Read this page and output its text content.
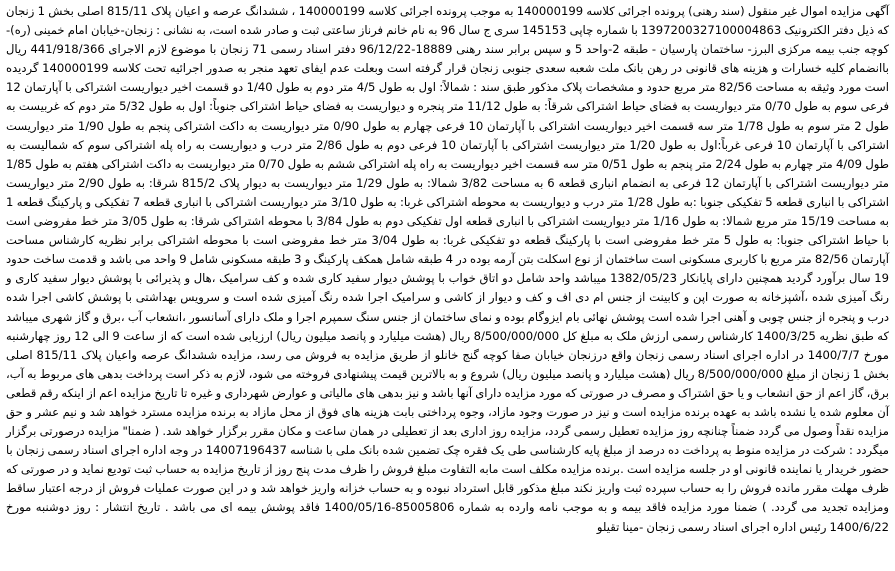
آگهی مزایده اموال غیر منقول (سند رهنی) پرونده اجرائی کلاسه 140000199 به موجب پرونده اجرائی کلاسه 140000199 ، ششدانگ عرصه و اعیان پلاک 815/11 اصلی بخش 1 زنجان که ذیل دفتر الکترونیک 139720032710000486​3 با شماره چاپی 145153 سری ج سال 96 به نام خانم فرناز ساعتی ثبت و صادر شده است، به نشانی : زنجان-خیابان امام خمینی (ره)-کوچه جنب بیمه مرکزی البرز- ساختمان پارسیان - طبقه 2-واحد 5 و سپس برابر سند رهنی 18889-96/12/22 دفتر اسناد رسمی 71 زنجان با موضوع لازم الاجرای 441/918/366 ریال باانضمام کلیه خسارات و هزینه های قانونی در رهن بانک ملت شعبه سعدی جنوبی زنجان قرار گرفته است وبعلت عدم ایفای تعهد منجر به صدور اجرائیه تحت کلاسه 140000199 گردیده است مورد وثیقه به مساحت 82/56 متر مربع حدود و مشخصات پلاک مذکور طبق سند : شمالاً: اول به طول 4/5 متر دوم به طول 1/40 دو قسمت اخیر دیواریست اشتراکی با آپارتمان 12 فرعی سوم به طول 0/70 متر دیواریست به فضای حیاط اشتراکی شرقاً: به طول 11/12 متر پنجره و دیواریست به فضای حیاط اشتراکی جنوباً: اول به طول 5/32 متر دوم که غربیست به طول 2 متر سوم به طول 1/78 متر سه قسمت اخیر دیواریست اشتراکی با آپارتمان 10 فرعی چهارم به طول 0/90 متر دیواریست به داکت اشتراکی پنجم به طول 1/90 متر دیواریست اشتراکی با آپارتمان 10 فرعی غرباً:اول به طول 1/20 متر دیواریست اشتراکی با آپارتمان 10 فرعی دوم به طول 2/86 متر درب و دیواریست به راه پله اشتراکی سوم که شمالیست به طول 4/09 متر چهارم به طول 2/24 متر پنجم به طول 0/51 متر سه قسمت اخیر دیواریست به راه پله اشتراکی ششم به طول 0/70 متر دیواریست به داکت اشتراکی هفتم به طول 1/85 متر دیواریست اشتراکی با آپارتمان 12 فرعی به انضمام انباری قطعه 6 به مساحت 3/82 شمالا: به طول 1/29 متر دیواریست به دیوار پلاک 815/2 شرقا: به طول 2/90 متر دیواریست اشتراکی با انباری قطعه 5 تفکیکی جنوبا :به طول 1/28 متر درب و دیواریست به محوطه اشتراکی غربا: به طول 3/10 متر دیواریست اشتراکی با انباری قطعه 7 تفکیکی و پارکینگ قطعه 1 به مساحت 15/19 متر مربع شمالا: به طول 1/16 متر دیواریست اشتراکی با انباری قطعه اول تفکیکی دوم به طول 3/84 با محوطه اشتراکی شرقا: به طول 3/05 متر خط مفروضی است با حیاط اشتراکی جنوبا: به طول 5 متر خط مفروضی است با پارکینگ قطعه دو تفکیکی غربا: به طول 3/04 متر خط مفروضی است با محوطه اشتراکی برابر نظریه کارشناس مساحت آپارتمان 82/56 متر مربع با کاربری مسکونی است ساختمان از نوع اسکلت بتن آرمه بوده در 4 طبقه شامل همکف پارکینگ و 3 طبقه مسکونی شامل 9 واحد می باشد و قدمت ساخت حدود 19 سال برآورد گردید همچنین دارای پایانکار 1382/05/23 میباشد واحد شامل دو اتاق خواب با پوشش دیوار سفید کاری شده و کف سرامیک ،هال و پذیرائی با پوشش دیوار سفید کاری و رنگ آمیزی شده ،آشپزخانه به صورت اپن و کابینت از جنس ام دی اف و کف و دیوار از کاشی و سرامیک اجرا شده رنگ آمیزی شده است و سرویس بهداشتی با پوشش کاشی اجرا شده درب و پنجره از جنس چوبی و آهنی اجرا شده است پوشش نهائی بام ایزوگام بوده و نمای ساختمان از جنس سنگ سمپرم اجرا و ملک دارای آسانسور ،انشعاب آب ،برق و گاز شهری میباشد که طبق نظریه 1400/3/25 کارشناس رسمی ارزش ملک به مبلغ کل 8/500/000/000 ریال (هشت میلیارد و پانصد میلیون ریال) ارزیابی شده است که از ساعت 9 الی 12 روز چهارشنبه مورخ 1400/7/7 در اداره اجرای اسناد رسمی زنجان واقع درزنجان خیابان صفا کوچه گنج خانلو از طریق مزایده به فروش می رسد، مزایده ششدانگ عرصه واعیان پلاک 815/11 اصلی بخش 1 زنجان از مبلغ 8/500/000/000 ریال (هشت میلیارد و پانصد میلیون ریال) شروع و به بالاترین قیمت پیشنهادی فروخته می شود، لازم به ذکر است پرداخت بدهی های مربوط به آب، برق، گاز اعم از حق انشعاب و یا حق اشتراک و مصرف در صورتی که مورد مزایده دارای آنها باشد و نیز بدهی های مالیاتی و عوارض شهرداری و غیره تا تاریخ مزایده اعم از اینکه رقم قطعی آن معلوم شده یا نشده باشد به عهده برنده مزایده است و نیز در صورت وجود مازاد، وجوه پرداختی بابت هزینه های فوق از محل مازاد به برنده مزایده مسترد خواهد شد و نیم عشر و حق مزایده نقداً وصول می گردد ضمناً چنانچه روز مزایده تعطیل رسمی گردد، مزایده روز اداری بعد از تعطیلی در همان ساعت و مکان مقرر برگزار خواهد شد. ( ضمنا" مزایده درصورتی برگزار میگردد : شرکت در مزایده منوط به پرداخت ده درصد از مبلغ پایه کارشناسی طی یک فقره چک تضمین شده بانک ملی با شناسه 14007196437 در وجه اداره اجرای اسناد رسمی زنجان با حضور خریدار یا نماینده قانونی او در جلسه مزایده است .برنده مزایده مکلف است مابه التفاوت مبلغ فروش را ظرف مدت پنج روز از تاریخ مزایده به حساب ثبت تودیع نماید و در صورتی که ظرف مهلت مقرر مانده فروش را به حساب سپرده ثبت واریز نکند مبلغ مذکور قابل استرداد نبوده و به حساب خزانه واریز خواهد شد و در این صورت عملیات فروش از درجه اعتبار ساقط ومزایده تجدید می گردد. ) ضمنا مورد مزایده فاقد بیمه و به موجب نامه وارده به شماره 85005806-1400/05/16 فاقد پوشش بیمه ای می باشد . تاریخ انتشار : روز دوشنبه مورخ 1400/6/22 رئیس اداره اجرای اسناد رسمی زنجان -مینا تقیلو
